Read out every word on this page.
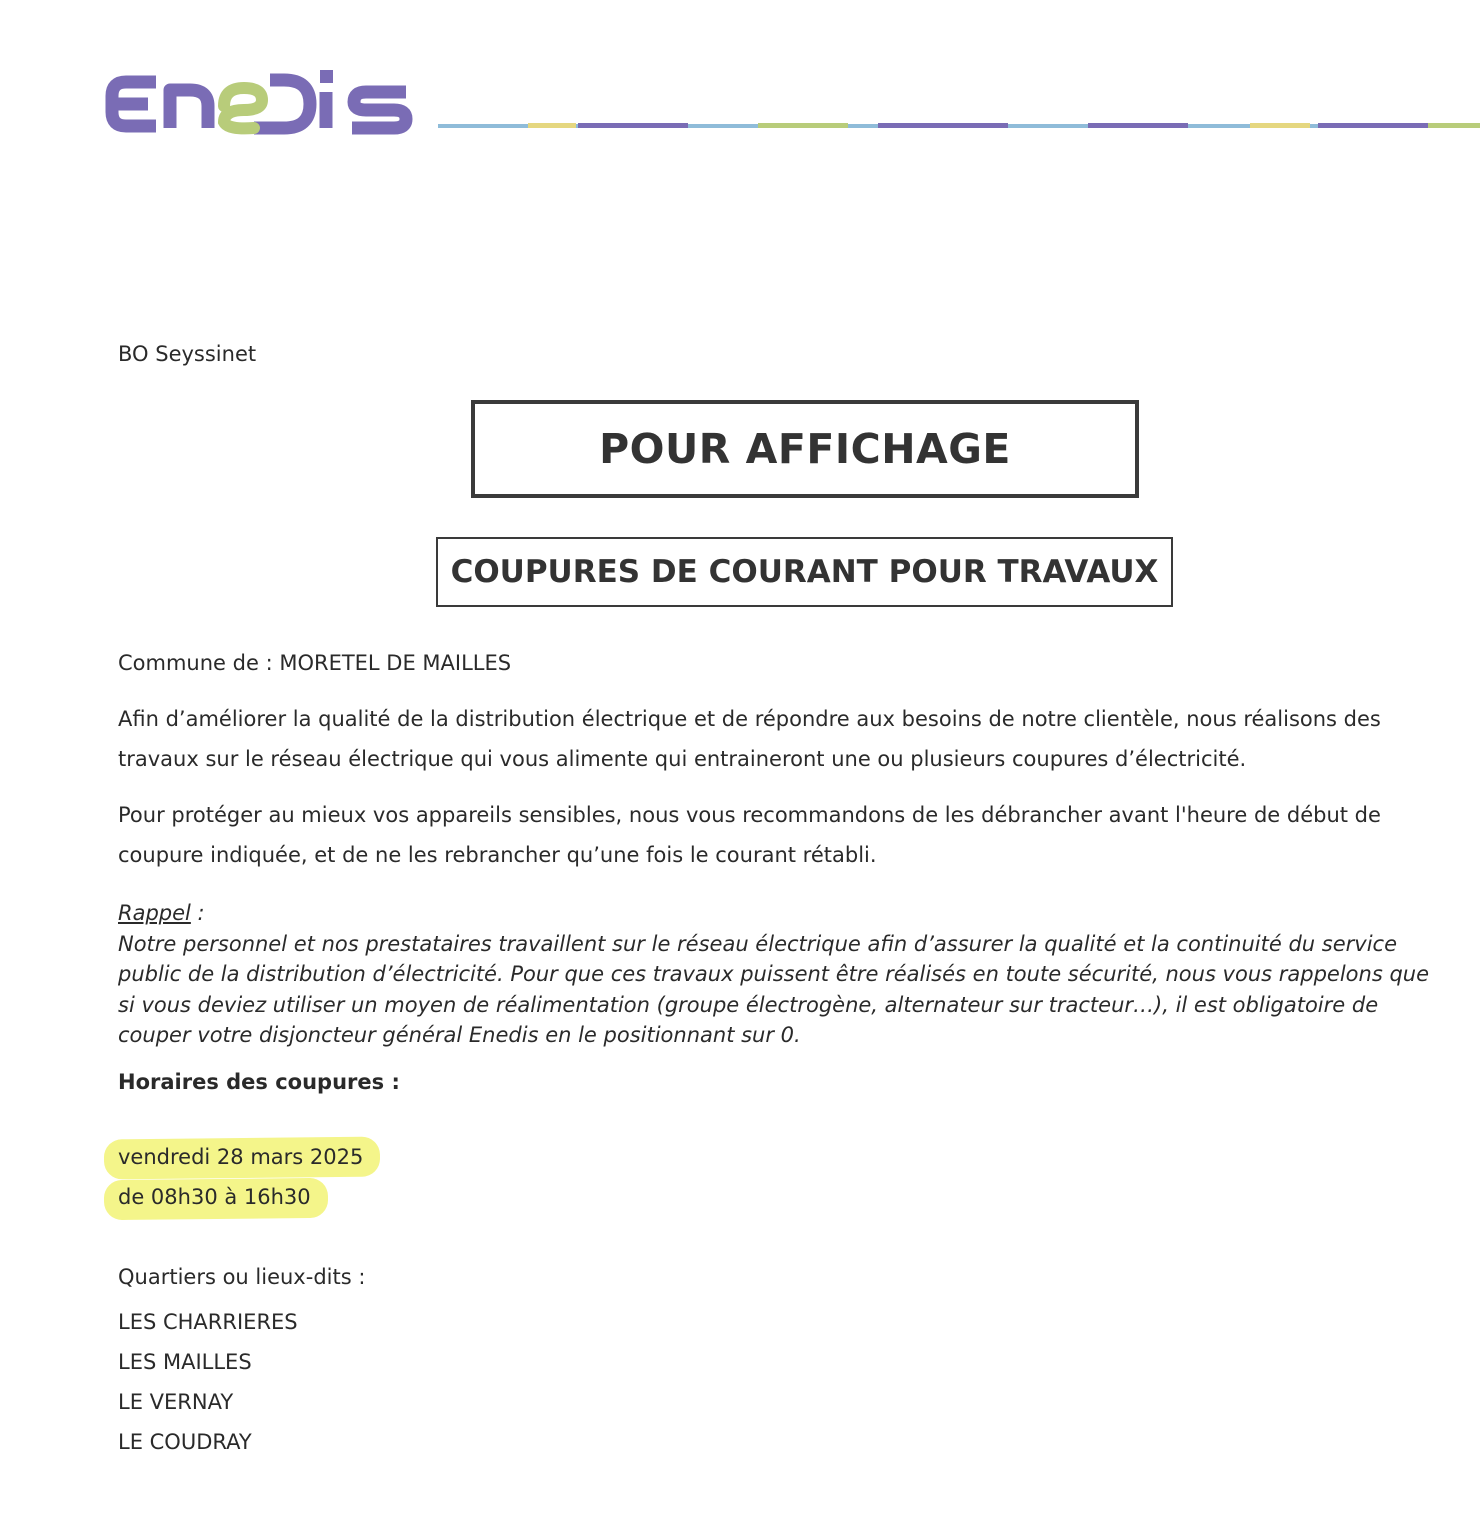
BO Seyssinet
POUR AFFICHAGE
COUPURES DE COURANT POUR TRAVAUX
Commune de : MORETEL DE MAILLES
Afin d’améliorer la qualité de la distribution électrique et de répondre aux besoins de notre clientèle, nous réalisons des travaux sur le réseau électrique qui vous alimente qui entraineront une ou plusieurs coupures d’électricité.
Pour protéger au mieux vos appareils sensibles, nous vous recommandons de les débrancher avant l'heure de début de coupure indiquée, et de ne les rebrancher qu’une fois le courant rétabli.
Rappel :
Notre personnel et nos prestataires travaillent sur le réseau électrique afin d’assurer la qualité et la continuité du service public de la distribution d’électricité. Pour que ces travaux puissent être réalisés en toute sécurité, nous vous rappelons que si vous deviez utiliser un moyen de réalimentation (groupe électrogène, alternateur sur tracteur…), il est obligatoire de couper votre disjoncteur général Enedis en le positionnant sur 0.
Horaires des coupures :
vendredi 28 mars 2025
de 08h30 à 16h30
Quartiers ou lieux-dits :
LES CHARRIERES
LES MAILLES
LE VERNAY
LE COUDRAY
